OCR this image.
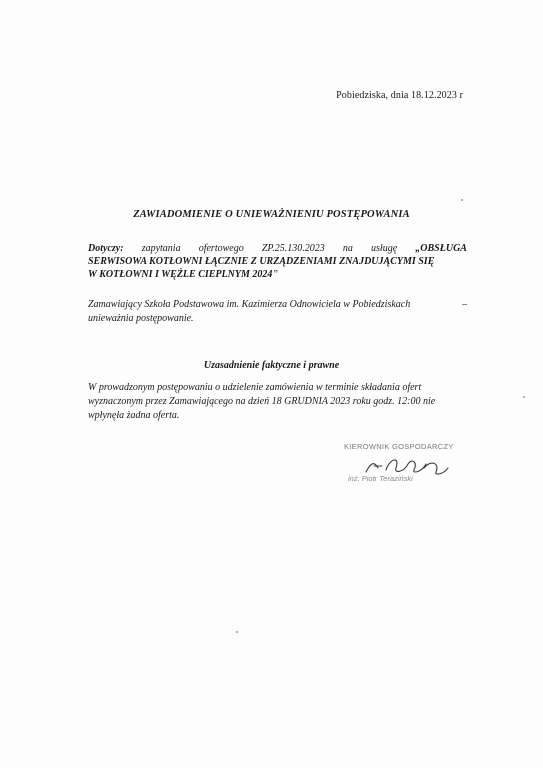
Pobiedziska, dnia 18.12.2023 r
ZAWIADOMIENIE O UNIEWAŻNIENIU POSTĘPOWANIA
Dotyczy: zapytania ofertowego ZP.25.130.2023 na usługę „OBSŁUGA
SERWISOWA KOTŁOWNI ŁĄCZNIE Z URZĄDZENIAMI ZNAJDUJĄCYMI SIĘ
W KOTŁOWNI I WĘŹLE CIEPLNYM 2024”
Zamawiający Szkoła Podstawowa im. Kazimierza Odnowiciela w Pobiedziskach	–
unieważnia postępowanie.
Uzasadnienie faktyczne i prawne
W prowadzonym postępowaniu o udzielenie zamówienia w terminie składania ofert
wyznaczonym przez Zamawiającego na dzień 18 GRUDNIA 2023 roku godz. 12:00 nie
wpłynęła żadna oferta.
KIEROWNIK GOSPODARCZY
inż. Piotr Teraziński
